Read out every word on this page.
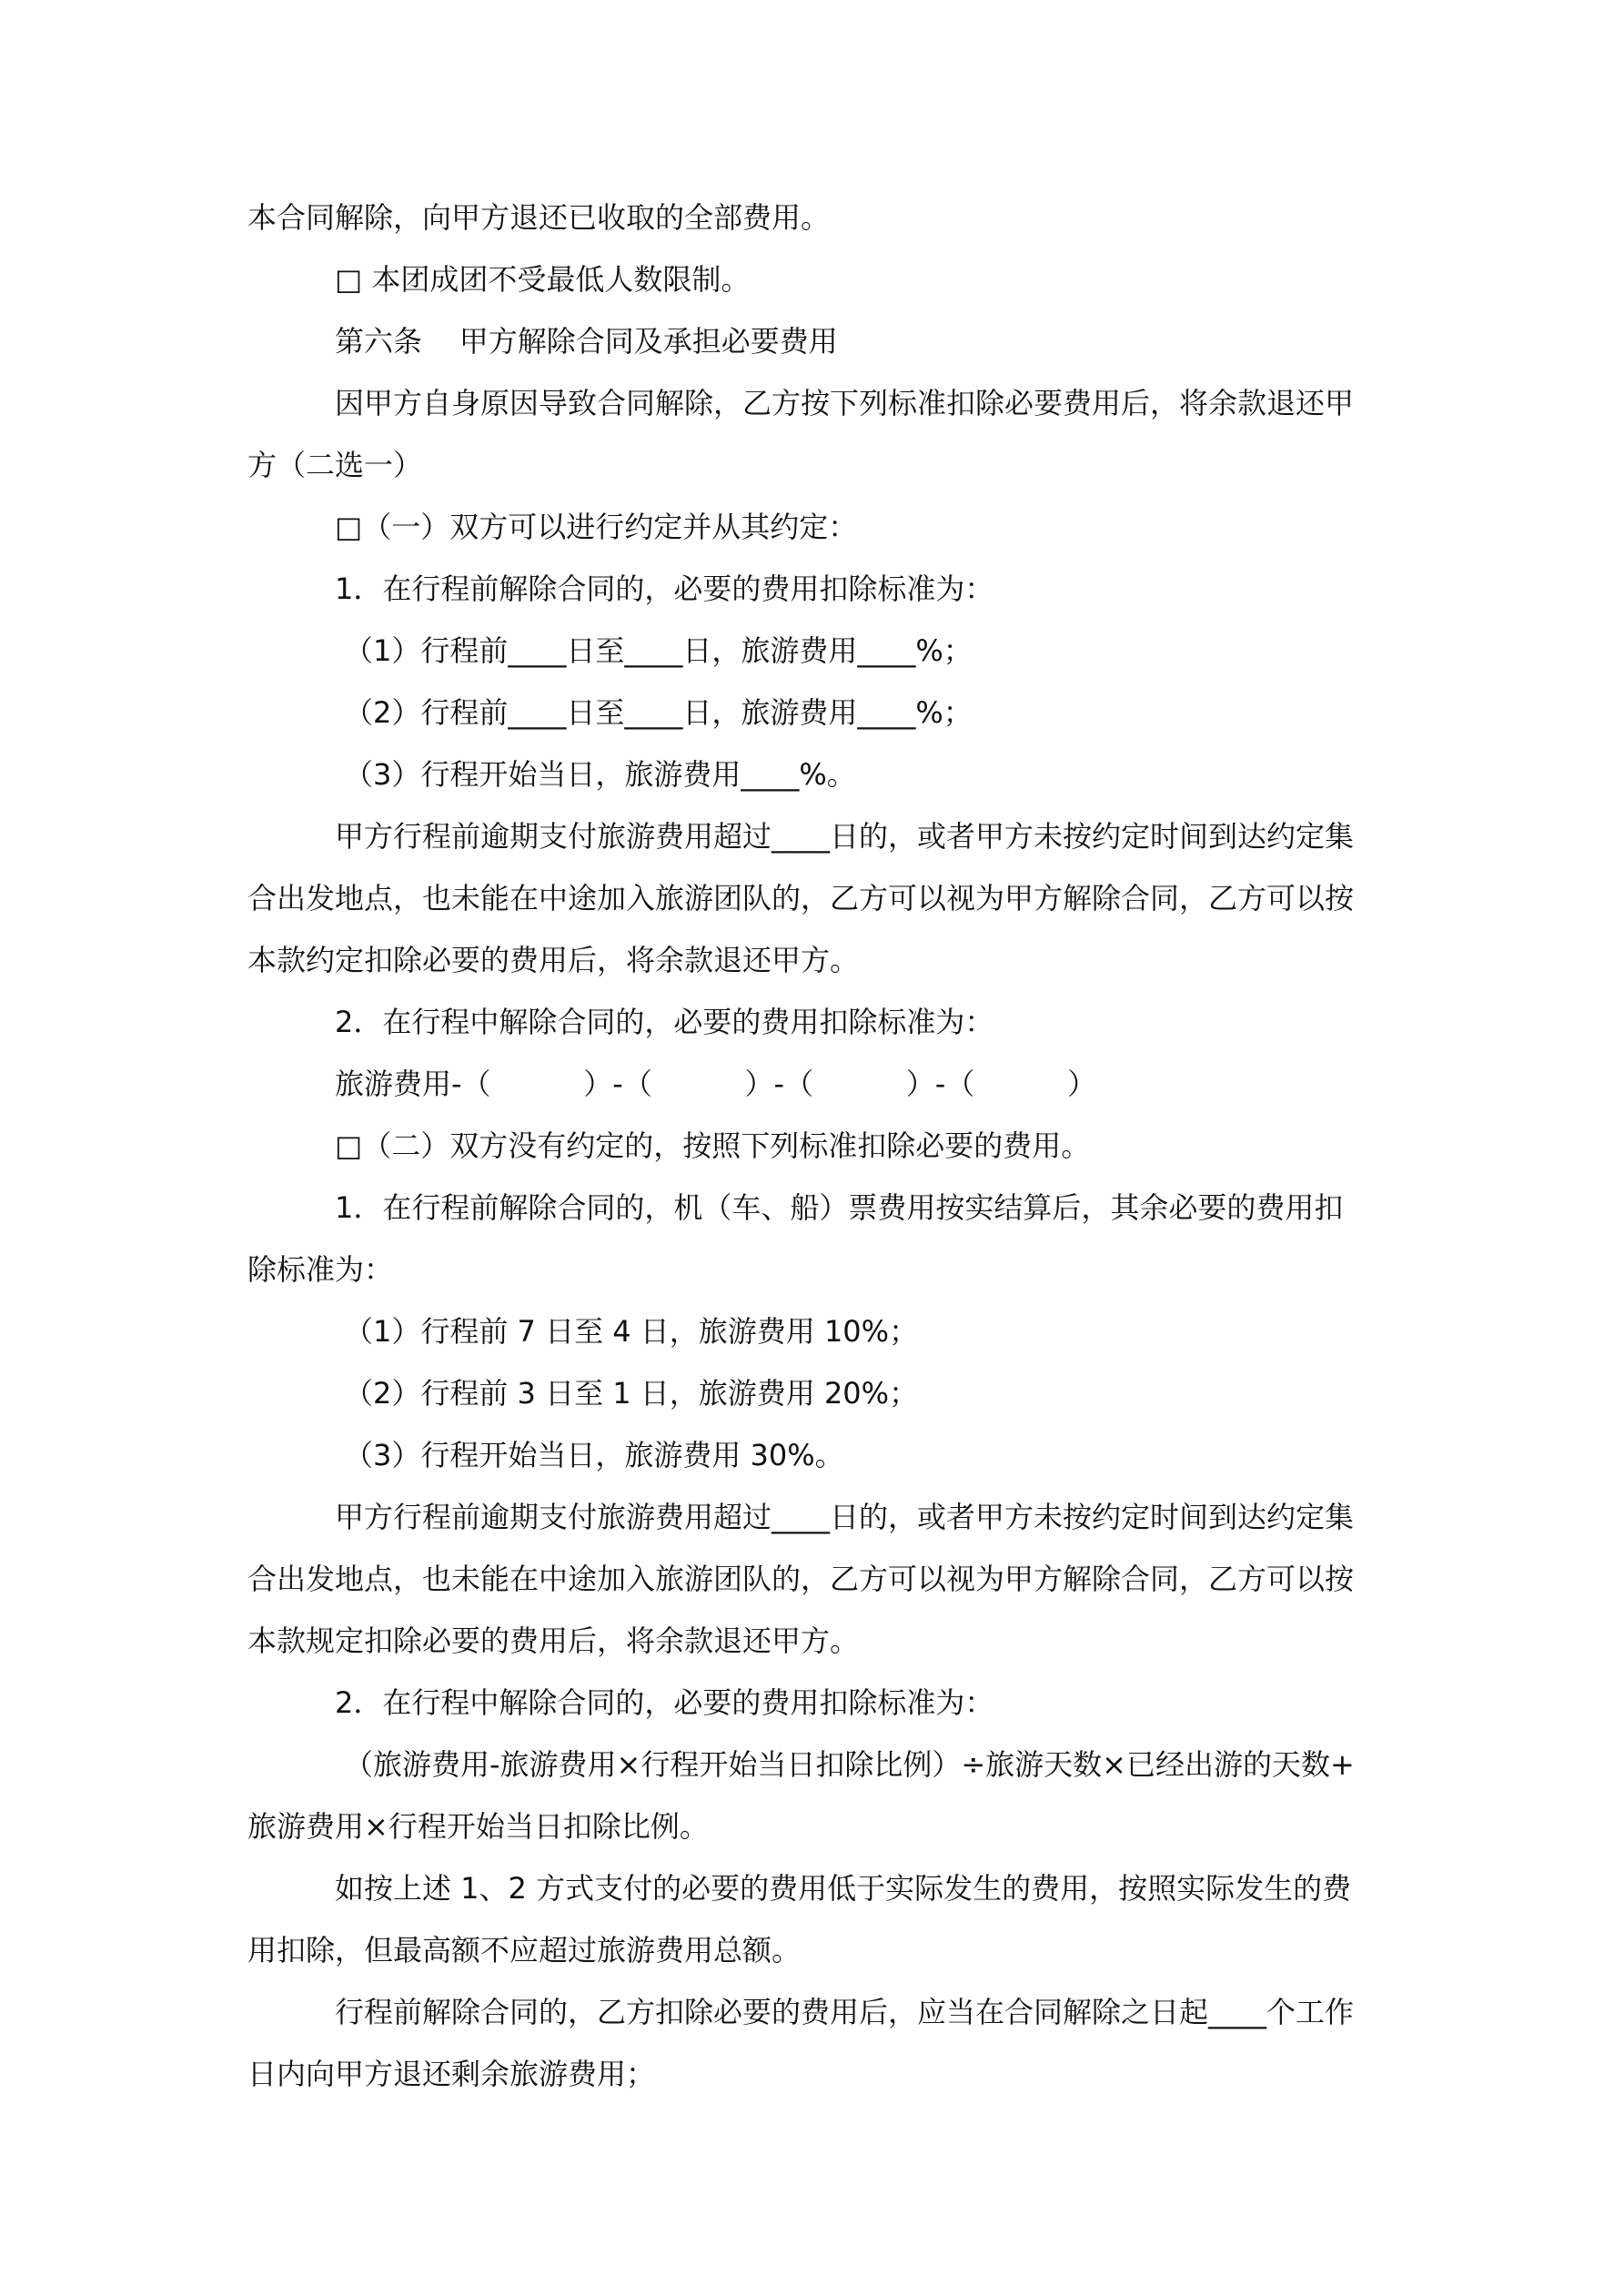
本合同解除，向甲方退还已收取的全部费用。

□ 本团成团不受最低人数限制。

第六条    甲方解除合同及承担必要费用

因甲方自身原因导致合同解除，乙方按下列标准扣除必要费用后，将余款退还甲

方（二选一）

□（一）双方可以进行约定并从其约定：

1．在行程前解除合同的，必要的费用扣除标准为：

（1）行程前____日至____日，旅游费用____%；

（2）行程前____日至____日，旅游费用____%；

（3）行程开始当日，旅游费用____%。

甲方行程前逾期支付旅游费用超过____日的，或者甲方未按约定时间到达约定集

合出发地点，也未能在中途加入旅游团队的，乙方可以视为甲方解除合同，乙方可以按

本款约定扣除必要的费用后，将余款退还甲方。

2．在行程中解除合同的，必要的费用扣除标准为：

旅游费用-（          ）-（          ）-（          ）-（          ）

□（二）双方没有约定的，按照下列标准扣除必要的费用。

1．在行程前解除合同的，机（车、船）票费用按实结算后，其余必要的费用扣

除标准为：

（1）行程前 7 日至 4 日，旅游费用 10%；

（2）行程前 3 日至 1 日，旅游费用 20%；

（3）行程开始当日，旅游费用 30%。

甲方行程前逾期支付旅游费用超过____日的，或者甲方未按约定时间到达约定集

合出发地点，也未能在中途加入旅游团队的，乙方可以视为甲方解除合同，乙方可以按

本款规定扣除必要的费用后，将余款退还甲方。

2．在行程中解除合同的，必要的费用扣除标准为：

（旅游费用-旅游费用×行程开始当日扣除比例）÷旅游天数×已经出游的天数+

旅游费用×行程开始当日扣除比例。

如按上述 1、2 方式支付的必要的费用低于实际发生的费用，按照实际发生的费

用扣除，但最高额不应超过旅游费用总额。

行程前解除合同的，乙方扣除必要的费用后，应当在合同解除之日起____个工作

日内向甲方退还剩余旅游费用；
